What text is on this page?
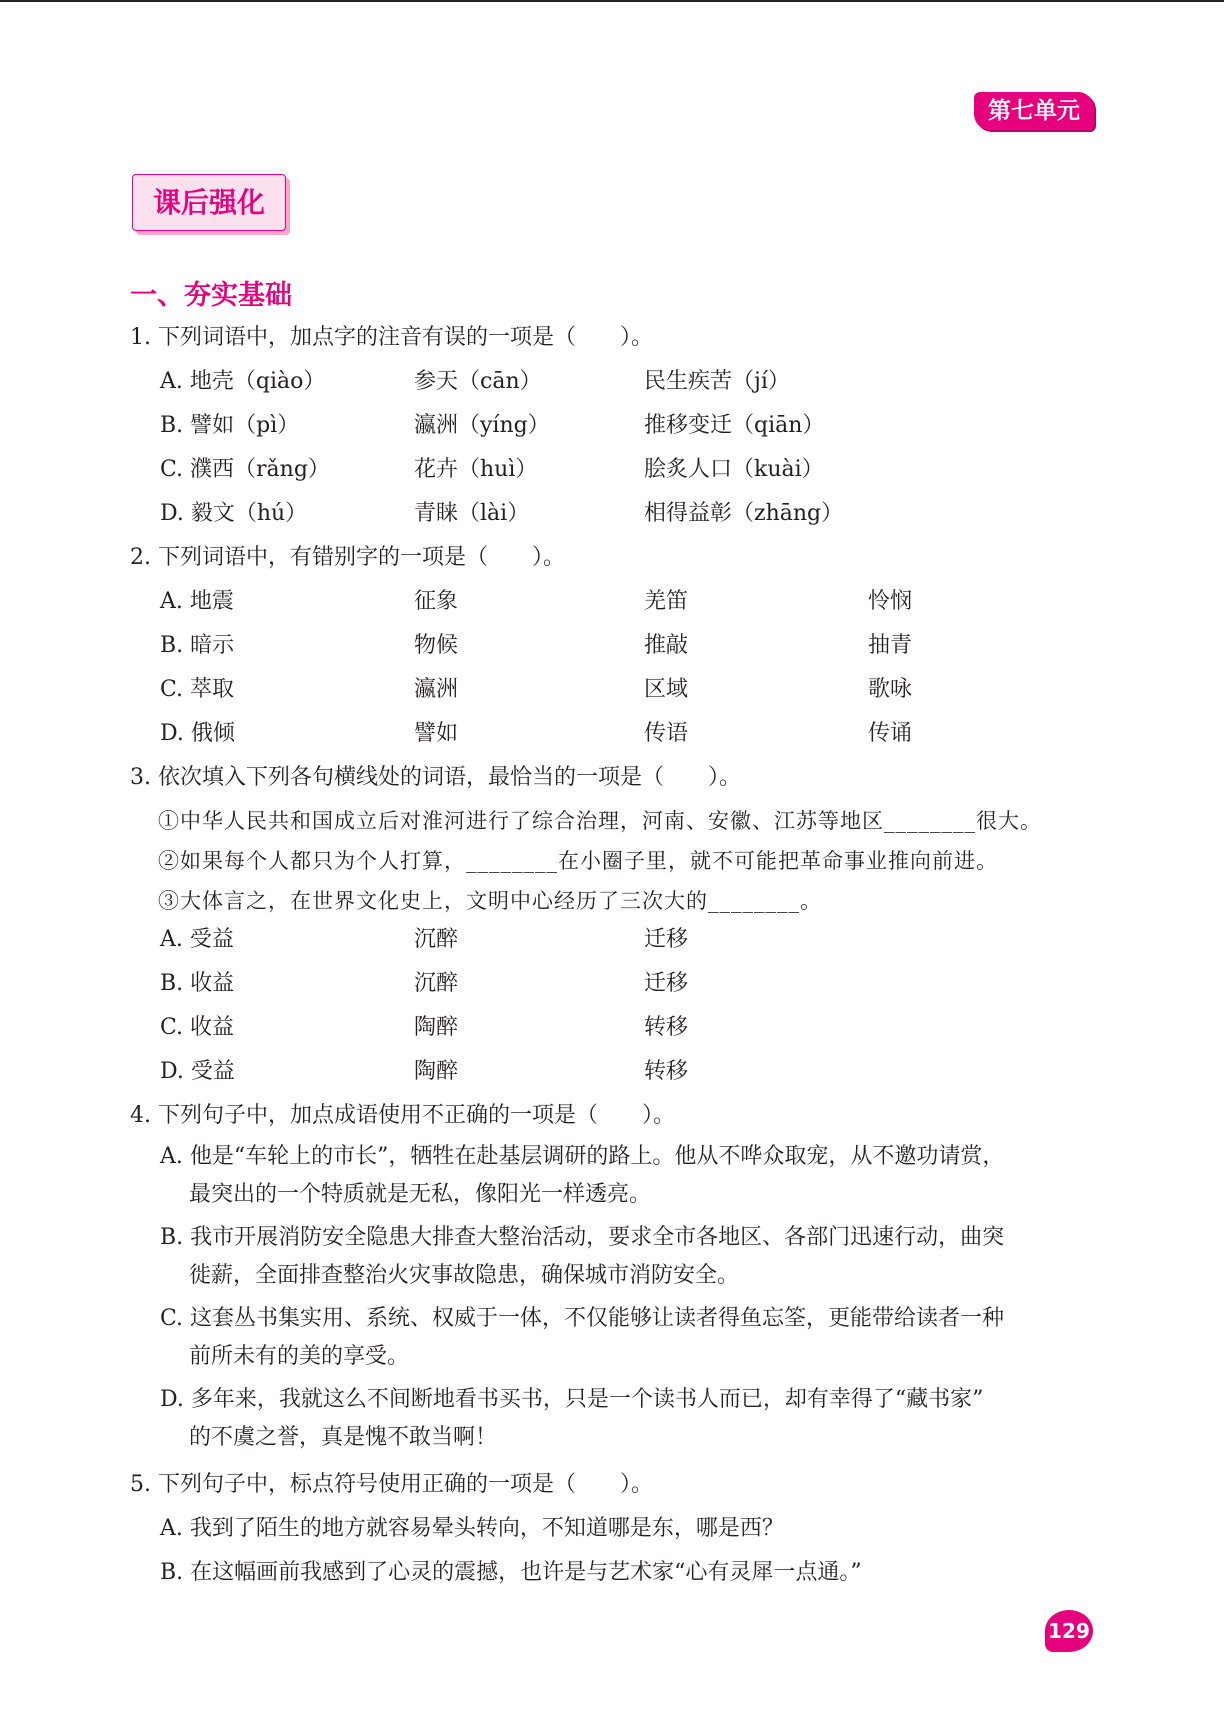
第七单元
课后强化
一、夯实基础
1. 下列词语中，加点字的注音有误的一项是（　　）。
A. 地壳（qiào）	参天（cān）	民生疾苦（jí）
B. 譬如（pì）	瀛洲（yíng）	推移变迁（qiān）
C. 濮西（rǎng）	花卉（huì）	脍炙人口（kuài）
D. 毅文（hú）	青睐（lài）	相得益彰（zhāng）
2. 下列词语中，有错别字的一项是（　　）。
A. 地震	征象	羌笛	怜悯
B. 暗示	物候	推敲	抽青
C. 萃取	瀛洲	区域	歌咏
D. 俄倾	譬如	传语	传诵
3. 依次填入下列各句横线处的词语，最恰当的一项是（　　）。
①中华人民共和国成立后对淮河进行了综合治理，河南、安徽、江苏等地区________很大。
②如果每个人都只为个人打算，________在小圈子里，就不可能把革命事业推向前进。
③大体言之，在世界文化史上，文明中心经历了三次大的________。
A. 受益	沉醉	迁移
B. 收益	沉醉	迁移
C. 收益	陶醉	转移
D. 受益	陶醉	转移
4. 下列句子中，加点成语使用不正确的一项是（　　）。
A. 他是“车轮上的市长”，牺牲在赴基层调研的路上。他从不哗众取宠，从不邀功请赏，
最突出的一个特质就是无私，像阳光一样透亮。
B. 我市开展消防安全隐患大排查大整治活动，要求全市各地区、各部门迅速行动，曲突
徙薪，全面排查整治火灾事故隐患，确保城市消防安全。
C. 这套丛书集实用、系统、权威于一体，不仅能够让读者得鱼忘筌，更能带给读者一种
前所未有的美的享受。
D. 多年来，我就这么不间断地看书买书，只是一个读书人而已，却有幸得了“藏书家”
的不虞之誉，真是愧不敢当啊！
5. 下列句子中，标点符号使用正确的一项是（　　）。
A. 我到了陌生的地方就容易晕头转向，不知道哪是东，哪是西？
B. 在这幅画前我感到了心灵的震撼，也许是与艺术家“心有灵犀一点通。”
129
